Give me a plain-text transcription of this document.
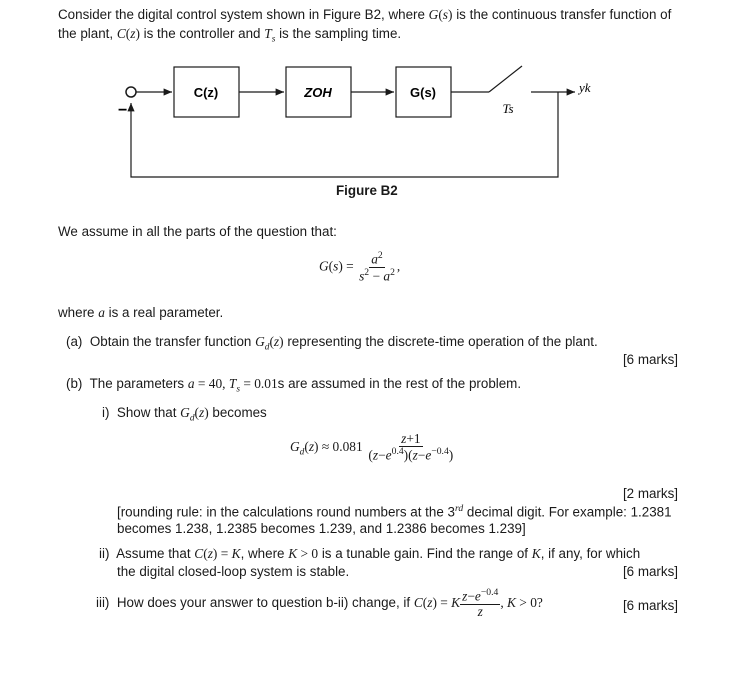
Consider the digital control system shown in Figure B2, where G(s) is the continuous transfer function of
the plant, C(z) is the controller and $T_s$ is the sampling time.
C(z)	ZOH	G(s)
Ts
yk
−
Figure B2
We assume in all the parts of the question that:
$G(s) = \frac{a^2}{s^2 - a^2}$ ,
where a is a real parameter.
(a) Obtain the transfer function $G_d(z)$ representing the discrete-time operation of the plant.
[6 marks]
(b) The parameters a = 40, $T_s = 0.01s$ are assumed in the rest of the problem.
i) Show that $G_d(z)$ becomes
$G_d(z) \approx 0.081 \frac{z+1}{(z-e^{0.4})(z-e^{-0.4})}$
[2 marks]
[rounding rule: in the calculations round numbers at the 3rd decimal digit. For example: 1.2381
becomes 1.238, 1.2385 becomes 1.239, and 1.2386 becomes 1.239]
ii) Assume that C(z) = K, where K > 0 is a tunable gain. Find the range of K, if any, for which
the digital closed-loop system is stable.	[6 marks]
iii) How does your answer to question b-ii) change, if C(z) = K $\frac{z-e^{-0.4}}{z}$ , K > 0?	[6 marks]
